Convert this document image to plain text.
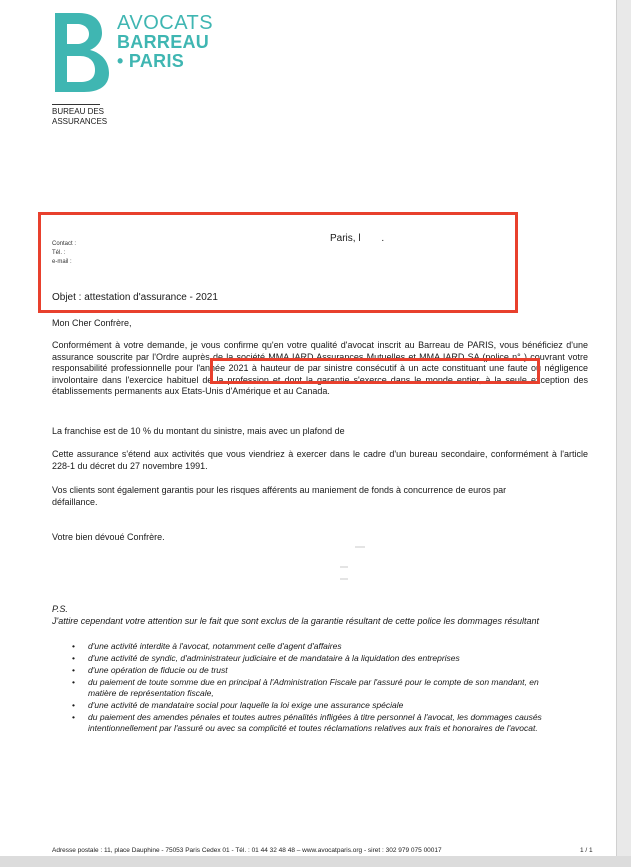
AVOCATS
BARREAU
• PARIS
BUREAU DES
ASSURANCES
Contact :
Tél. :
e-mail :
Paris, l .
Objet : attestation d'assurance - 2021
Mon Cher Confrère,
Conformément à votre demande, je vous confirme qu'en votre qualité d'avocat inscrit au Barreau de PARIS, vous bénéficiez d'une assurance souscrite par l'Ordre auprès de la société MMA IARD Assurances Mutuelles et MMA IARD SA (police n° ) couvrant votre responsabilité professionnelle pour l'année 2021 à hauteur de par sinistre consécutif à un acte constituant une faute ou négligence involontaire dans l'exercice habituel de la profession et dont la garantie s'exerce dans le monde entier, à la seule exception des établissements permanents aux Etats-Unis d'Amérique et au Canada.
La franchise est de 10 % du montant du sinistre, mais avec un plafond de
Cette assurance s'étend aux activités que vous viendriez à exercer dans le cadre d'un bureau secondaire, conformément à l'article 228-1 du décret du 27 novembre 1991.
Vos clients sont également garantis pour les risques afférents au maniement de fonds à concurrence de euros par défaillance.
Votre bien dévoué Confrère.
P.S.
J'attire cependant votre attention sur le fait que sont exclus de la garantie résultant de cette police les dommages résultant
• d'une activité interdite à l'avocat, notamment celle d'agent d'affaires
• d'une activité de syndic, d'administrateur judiciaire et de mandataire à la liquidation des entreprises
• d'une opération de fiducie ou de trust
• du paiement de toute somme due en principal à l'Administration Fiscale par l'assuré pour le compte de son mandant, en matière de représentation fiscale,
• d'une activité de mandataire social pour laquelle la loi exige une assurance spéciale
• du paiement des amendes pénales et toutes autres pénalités infligées à titre personnel à l'avocat, les dommages causés intentionnellement par l'assuré ou avec sa complicité et toutes réclamations relatives aux frais et honoraires de l'avocat.
Adresse postale : 11, place Dauphine - 75053 Paris Cedex 01 - Tél. : 01 44 32 48 48 – www.avocatparis.org - siret : 302 979 075 00017	1 / 1
